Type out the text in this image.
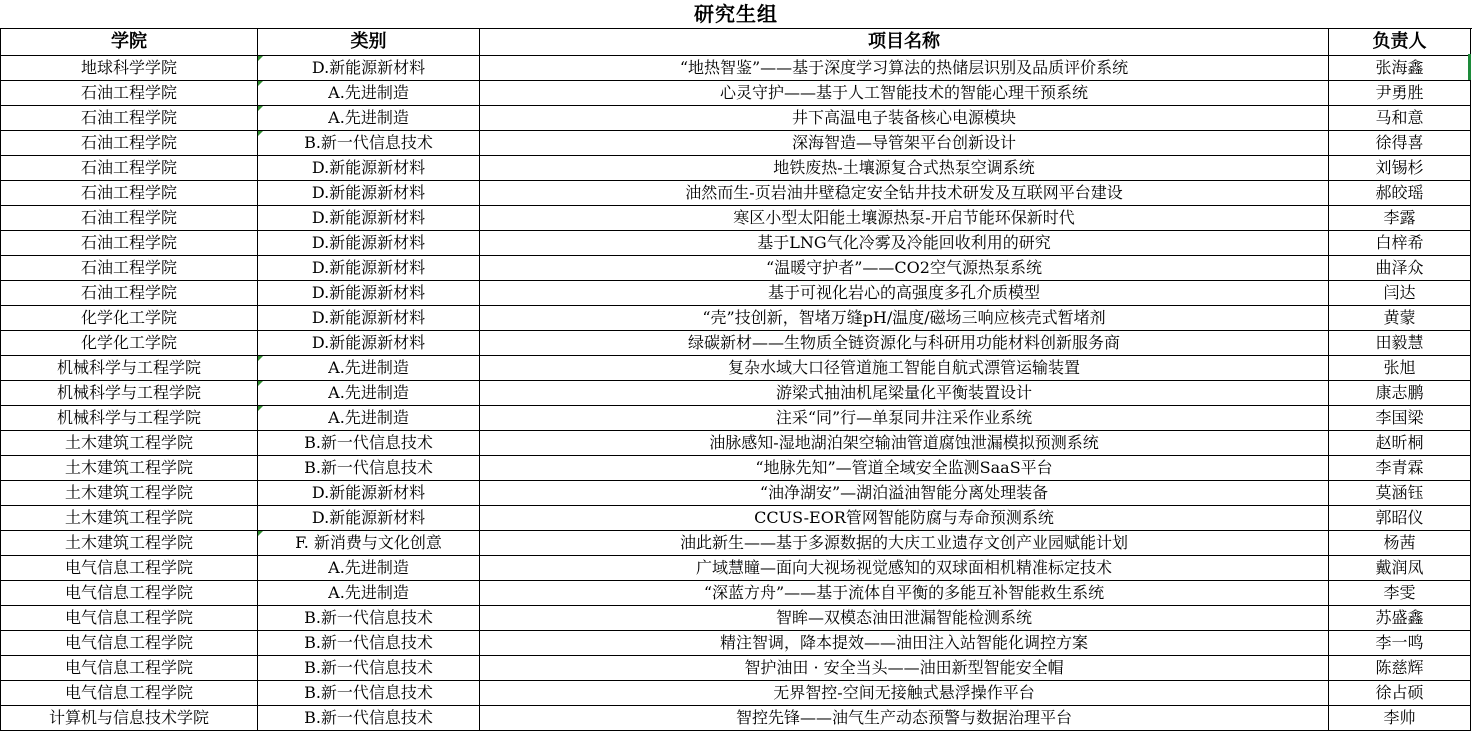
研究生组
学院	类别	项目名称	负责人
地球科学学院	D.新能源新材料	“地热智鉴”——基于深度学习算法的热储层识别及品质评价系统	张海鑫
石油工程学院	A.先进制造	心灵守护——基于人工智能技术的智能心理干预系统	尹勇胜
石油工程学院	A.先进制造	井下高温电子装备核心电源模块	马和意
石油工程学院	B.新一代信息技术	深海智造—导管架平台创新设计	徐得喜
石油工程学院	D.新能源新材料	地铁废热-土壤源复合式热泵空调系统	刘锡杉
石油工程学院	D.新能源新材料	油然而生-页岩油井壁稳定安全钻井技术研发及互联网平台建设	郝皎瑶
石油工程学院	D.新能源新材料	寒区小型太阳能土壤源热泵-开启节能环保新时代	李露
石油工程学院	D.新能源新材料	基于LNG气化冷雾及冷能回收利用的研究	白梓希
石油工程学院	D.新能源新材料	“温暖守护者”——CO2空气源热泵系统	曲泽众
石油工程学院	D.新能源新材料	基于可视化岩心的高强度多孔介质模型	闫达
化学化工学院	D.新能源新材料	“壳”技创新，智堵万缝pH/温度/磁场三响应核壳式暂堵剂	黄蒙
化学化工学院	D.新能源新材料	绿碳新材——生物质全链资源化与科研用功能材料创新服务商	田毅慧
机械科学与工程学院	A.先进制造	复杂水域大口径管道施工智能自航式漂管运输装置	张旭
机械科学与工程学院	A.先进制造	游梁式抽油机尾梁量化平衡装置设计	康志鹏
机械科学与工程学院	A.先进制造	注采“同”行—单泵同井注采作业系统	李国梁
土木建筑工程学院	B.新一代信息技术	油脉感知-湿地湖泊架空输油管道腐蚀泄漏模拟预测系统	赵昕桐
土木建筑工程学院	B.新一代信息技术	“地脉先知”—管道全域安全监测SaaS平台	李青霖
土木建筑工程学院	D.新能源新材料	“油净湖安”—湖泊溢油智能分离处理装备	莫涵钰
土木建筑工程学院	D.新能源新材料	CCUS-EOR管网智能防腐与寿命预测系统	郭昭仪
土木建筑工程学院	F. 新消费与文化创意	油此新生——基于多源数据的大庆工业遗存文创产业园赋能计划	杨茜
电气信息工程学院	A.先进制造	广域慧瞳—面向大视场视觉感知的双球面相机精准标定技术	戴润凤
电气信息工程学院	A.先进制造	“深蓝方舟”——基于流体自平衡的多能互补智能救生系统	李雯
电气信息工程学院	B.新一代信息技术	智眸—双模态油田泄漏智能检测系统	苏盛鑫
电气信息工程学院	B.新一代信息技术	精注智调，降本提效——油田注入站智能化调控方案	李一鸣
电气信息工程学院	B.新一代信息技术	智护油田 · 安全当头——油田新型智能安全帽	陈慈辉
电气信息工程学院	B.新一代信息技术	无界智控-空间无接触式悬浮操作平台	徐占硕
计算机与信息技术学院	B.新一代信息技术	智控先锋——油气生产动态预警与数据治理平台	李帅
